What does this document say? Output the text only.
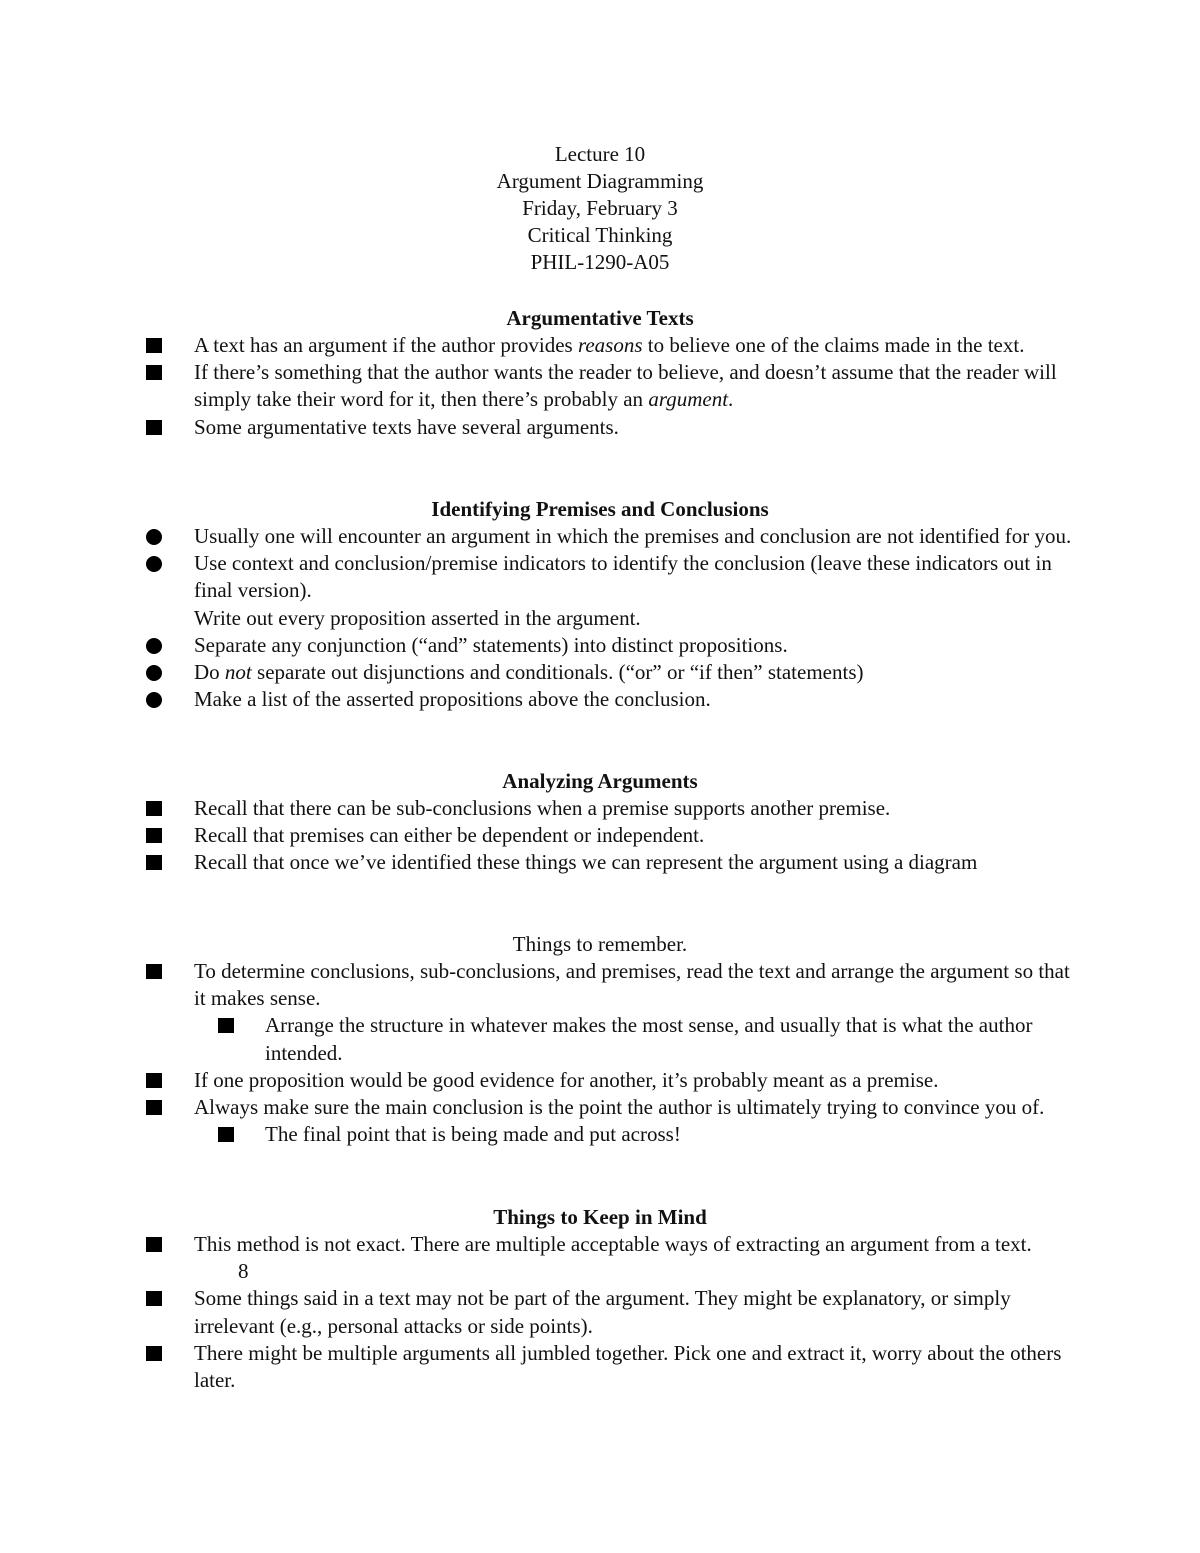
Lecture 10
Argument Diagramming
Friday, February 3
Critical Thinking
PHIL-1290-A05
Argumentative Texts
A text has an argument if the author provides reasons to believe one of the claims made in the text.
If there’s something that the author wants the reader to believe, and doesn’t assume that the reader will simply take their word for it, then there’s probably an argument.
Some argumentative texts have several arguments.
Identifying Premises and Conclusions
Usually one will encounter an argument in which the premises and conclusion are not identified for you.
Use context and conclusion/premise indicators to identify the conclusion (leave these indicators out in final version).
Write out every proposition asserted in the argument.
Separate any conjunction (“and” statements) into distinct propositions.
Do not separate out disjunctions and conditionals. (“or” or “if then” statements)
Make a list of the asserted propositions above the conclusion.
Analyzing Arguments
Recall that there can be sub-conclusions when a premise supports another premise.
Recall that premises can either be dependent or independent.
Recall that once we’ve identified these things we can represent the argument using a diagram
Things to remember.
To determine conclusions, sub-conclusions, and premises, read the text and arrange the argument so that it makes sense.
Arrange the structure in whatever makes the most sense, and usually that is what the author intended.
If one proposition would be good evidence for another, it’s probably meant as a premise.
Always make sure the main conclusion is the point the author is ultimately trying to convince you of.
The final point that is being made and put across!
Things to Keep in Mind
This method is not exact. There are multiple acceptable ways of extracting an argument from a text.8
Some things said in a text may not be part of the argument. They might be explanatory, or simply irrelevant (e.g., personal attacks or side points).
There might be multiple arguments all jumbled together. Pick one and extract it, worry about the others later.
